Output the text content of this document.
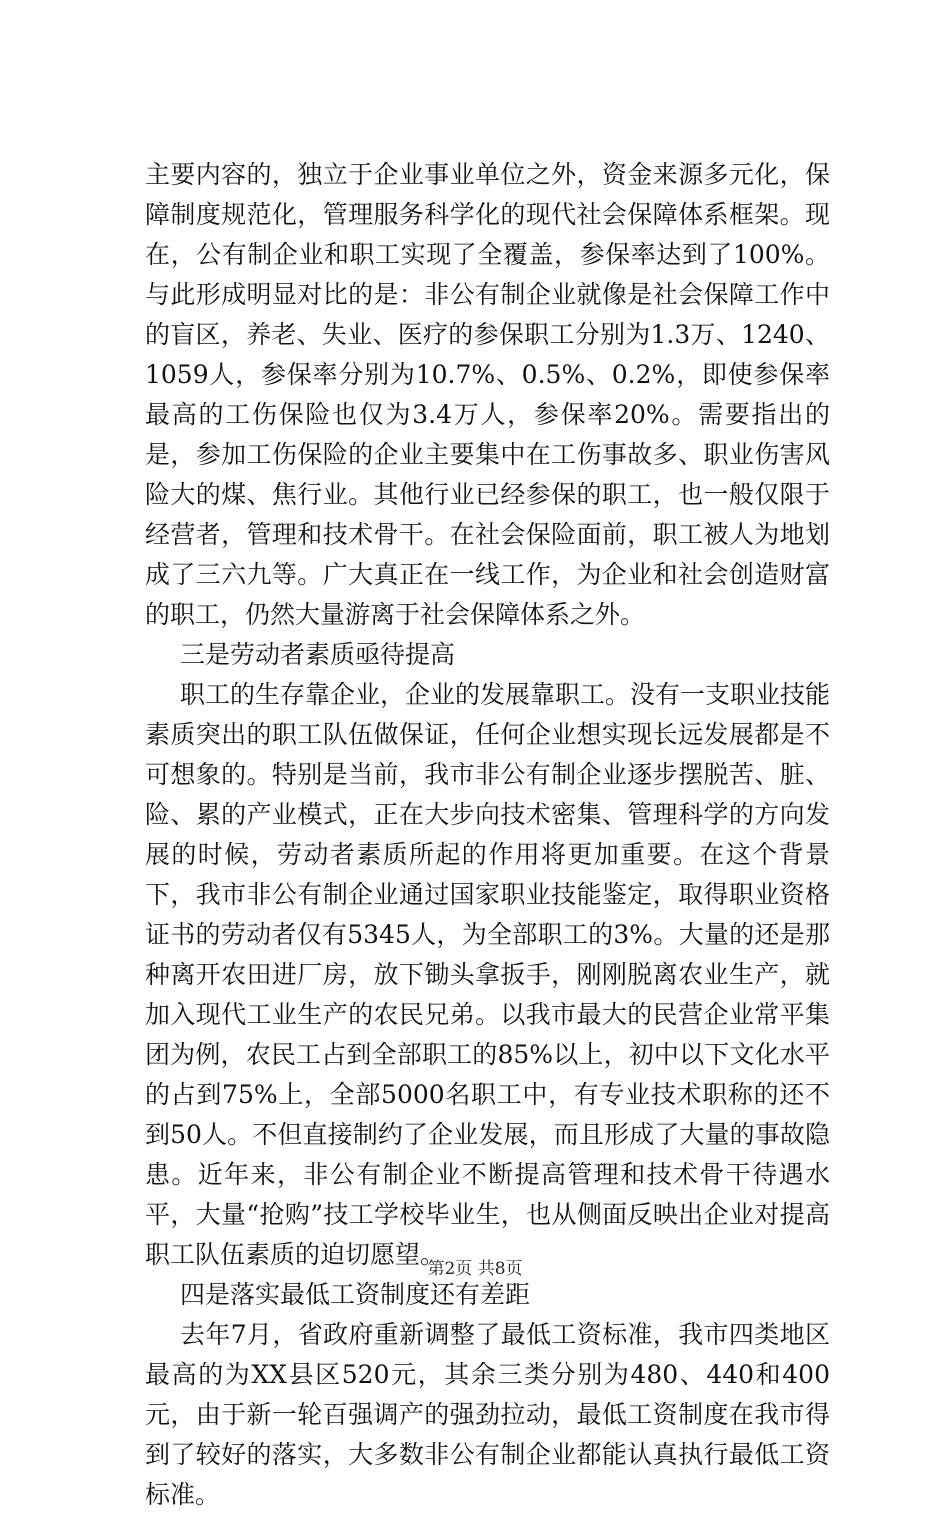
主要内容的，独立于企业事业单位之外，资金来源多元化，保障制度规范化，管理服务科学化的现代社会保障体系框架。现在，公有制企业和职工实现了全覆盖，参保率达到了100%。与此形成明显对比的是：非公有制企业就像是社会保障工作中的盲区，养老、失业、医疗的参保职工分别为1.3万、1240、1059人，参保率分别为10.7%、0.5%、0.2%，即使参保率最高的工伤保险也仅为3.4万人，参保率20%。需要指出的是，参加工伤保险的企业主要集中在工伤事故多、职业伤害风险大的煤、焦行业。其他行业已经参保的职工，也一般仅限于经营者，管理和技术骨干。在社会保险面前，职工被人为地划成了三六九等。广大真正在一线工作，为企业和社会创造财富的职工，仍然大量游离于社会保障体系之外。

三是劳动者素质亟待提高

职工的生存靠企业，企业的发展靠职工。没有一支职业技能素质突出的职工队伍做保证，任何企业想实现长远发展都是不可想象的。特别是当前，我市非公有制企业逐步摆脱苦、脏、险、累的产业模式，正在大步向技术密集、管理科学的方向发展的时候，劳动者素质所起的作用将更加重要。在这个背景下，我市非公有制企业通过国家职业技能鉴定，取得职业资格证书的劳动者仅有5345人，为全部职工的3%。大量的还是那种离开农田进厂房，放下锄头拿扳手，刚刚脱离农业生产，就加入现代工业生产的农民兄弟。以我市最大的民营企业常平集团为例，农民工占到全部职工的85%以上，初中以下文化水平的占到75%上，全部5000名职工中，有专业技术职称的还不到50人。不但直接制约了企业发展，而且形成了大量的事故隐患。近年来，非公有制企业不断提高管理和技术骨干待遇水平，大量“抢购”技工学校毕业生，也从侧面反映出企业对提高职工队伍素质的迫切愿望。

四是落实最低工资制度还有差距

去年7月，省政府重新调整了最低工资标准，我市四类地区最高的为XX县区520元，其余三类分别为480、440和400元，由于新一轮百强调产的强劲拉动，最低工资制度在我市得到了较好的落实，大多数非公有制企业都能认真执行最低工资标准。

第2页 共8页
